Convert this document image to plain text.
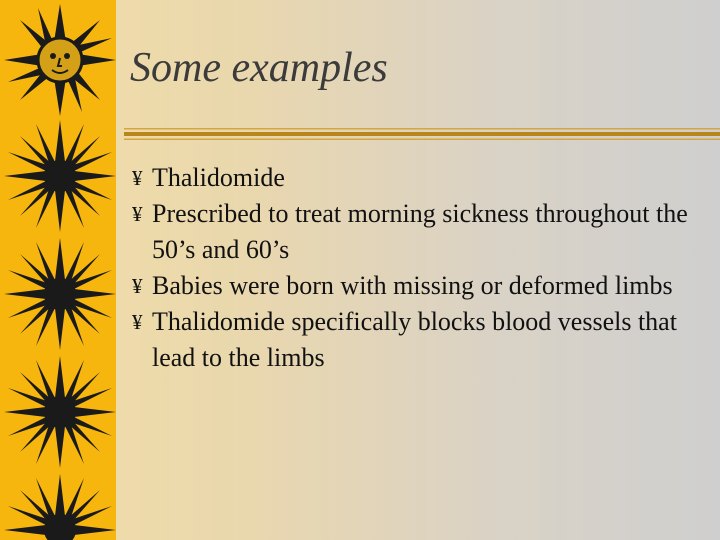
Some examples
¥ Thalidomide
¥ Prescribed to treat morning sickness throughout the 50’s and 60’s
¥ Babies were born with missing or deformed limbs
¥ Thalidomide specifically blocks blood vessels that lead to the limbs
